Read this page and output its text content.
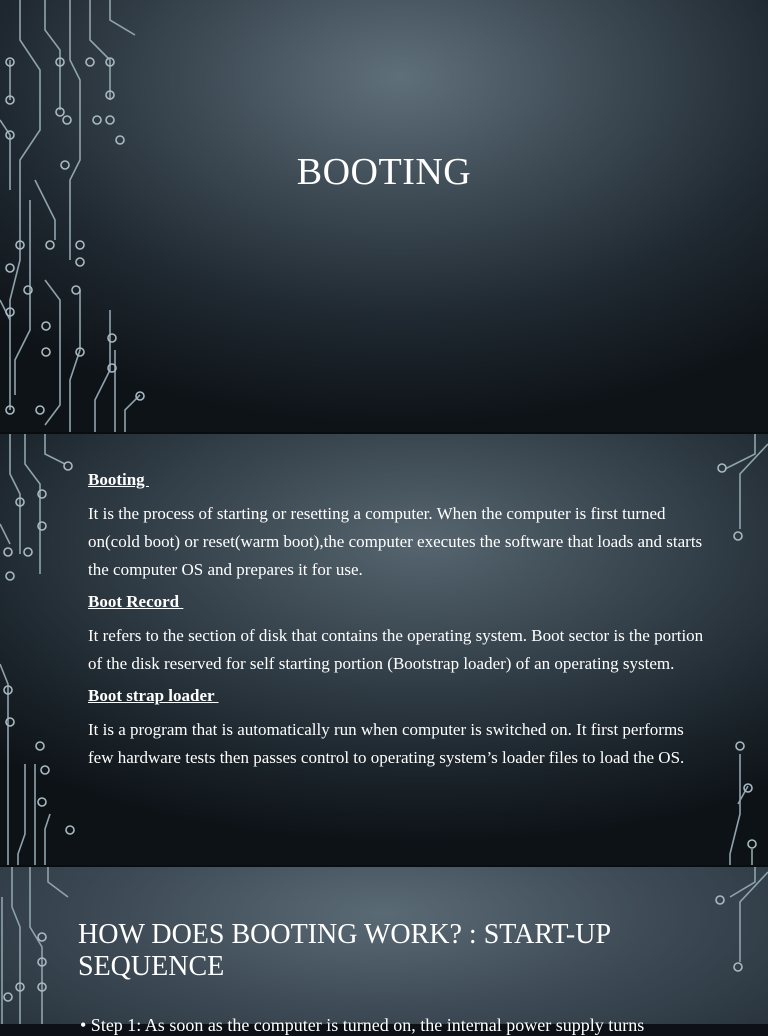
BOOTING
Booting
It is the process of starting or resetting a computer. When the computer is first turned on(cold boot) or reset(warm boot),the computer executes the software that loads and starts the computer OS and prepares it for use.
Boot Record
It refers to the section of disk that contains the operating system. Boot sector is the portion of the disk reserved for self starting portion (Bootstrap loader) of an operating system.
Boot strap loader
It is a program that is automatically run when computer is switched on. It first performs few hardware tests then passes control to operating system’s loader files to load the OS.
HOW DOES BOOTING WORK? : START-UP SEQUENCE
• Step 1: As soon as the computer is turned on, the internal power supply turns
